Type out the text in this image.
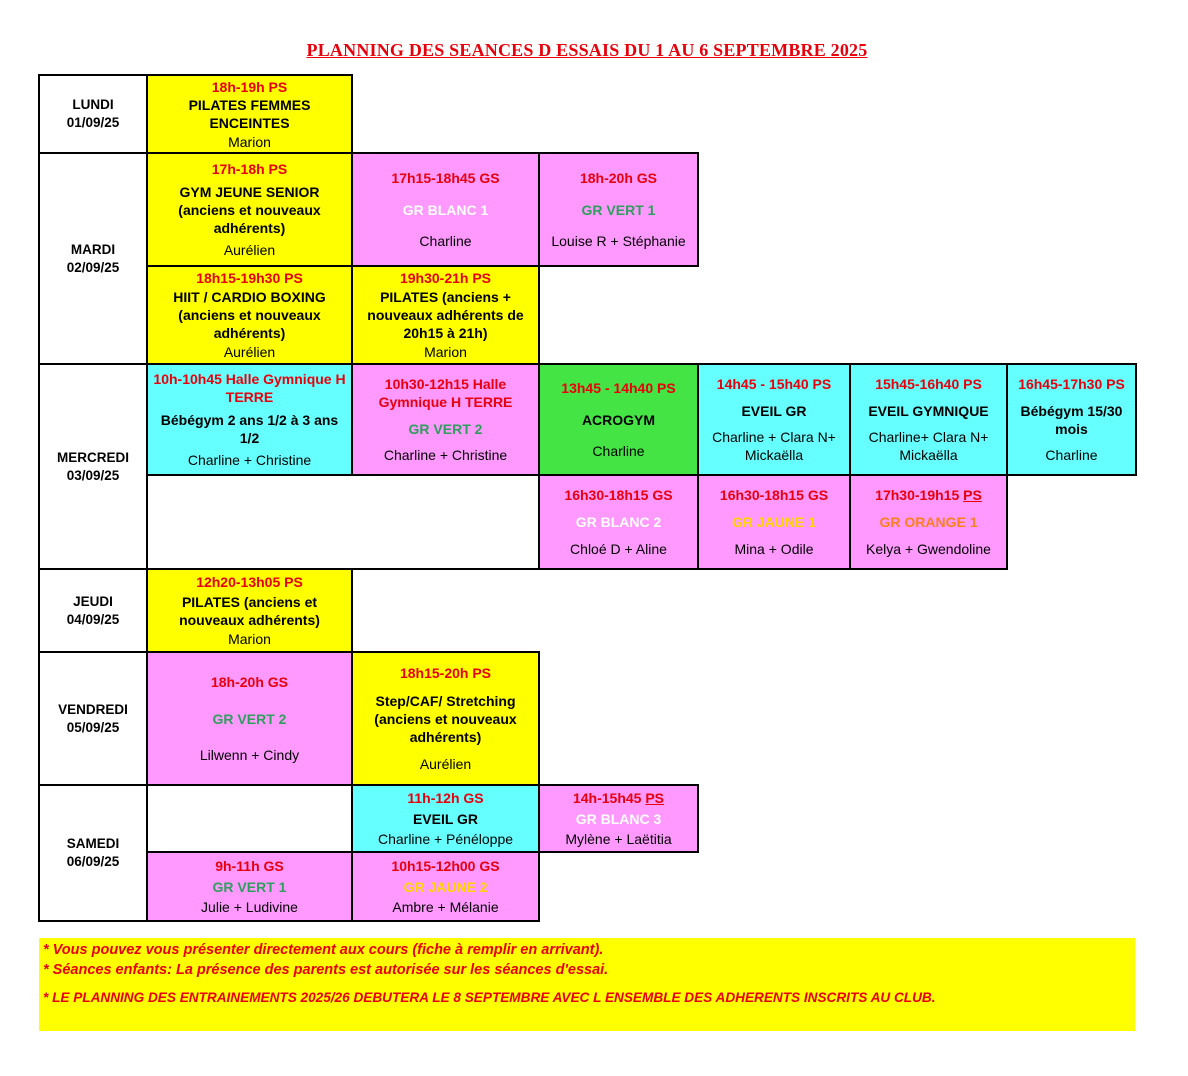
PLANNING DES SEANCES D ESSAIS DU 1 AU 6 SEPTEMBRE 2025
LUNDI
01/09/25
MARDI
02/09/25
MERCREDI
03/09/25
JEUDI
04/09/25
VENDREDI
05/09/25
SAMEDI
06/09/25
18h-19h PS
PILATES FEMMES ENCEINTES
Marion
17h-18h PS
GYM JEUNE SENIOR (anciens et nouveaux adhérents)
Aurélien
17h15-18h45 GS
GR BLANC 1
Charline
18h-20h GS
GR VERT 1
Louise R + Stéphanie
18h15-19h30 PS
HIIT / CARDIO BOXING (anciens et nouveaux adhérents)
Aurélien
19h30-21h PS
PILATES (anciens + nouveaux adhérents de 20h15 à 21h)
Marion
10h-10h45 Halle Gymnique H TERRE
Bébégym 2 ans 1/2 à 3 ans 1/2
Charline + Christine
10h30-12h15 Halle Gymnique H TERRE
GR VERT 2
Charline + Christine
13h45 - 14h40 PS
ACROGYM
Charline
14h45 - 15h40 PS
EVEIL GR
Charline + Clara N+ Mickaëlla
15h45-16h40 PS
EVEIL GYMNIQUE
Charline+ Clara N+ Mickaëlla
16h45-17h30 PS
Bébégym 15/30 mois
Charline
16h30-18h15 GS
GR BLANC 2
Chloé D + Aline
16h30-18h15 GS
GR JAUNE 1
Mina + Odile
17h30-19h15 PS
GR ORANGE 1
Kelya + Gwendoline
12h20-13h05 PS
PILATES (anciens et nouveaux adhérents)
Marion
18h-20h GS
GR VERT 2
Lilwenn + Cindy
18h15-20h PS
Step/CAF/ Stretching (anciens et nouveaux adhérents)
Aurélien
11h-12h GS
EVEIL GR
Charline + Pénéloppe
14h-15h45 PS
GR BLANC 3
Mylène + Laëtitia
9h-11h GS
GR VERT 1
Julie + Ludivine
10h15-12h00 GS
GR JAUNE 2
Ambre + Mélanie
* Vous pouvez vous présenter directement aux cours (fiche à remplir en arrivant).
* Séances enfants: La présence des parents est autorisée sur les séances d'essai.
* LE PLANNING DES ENTRAINEMENTS 2025/26 DEBUTERA LE 8 SEPTEMBRE AVEC L ENSEMBLE DES ADHERENTS INSCRITS AU CLUB.
